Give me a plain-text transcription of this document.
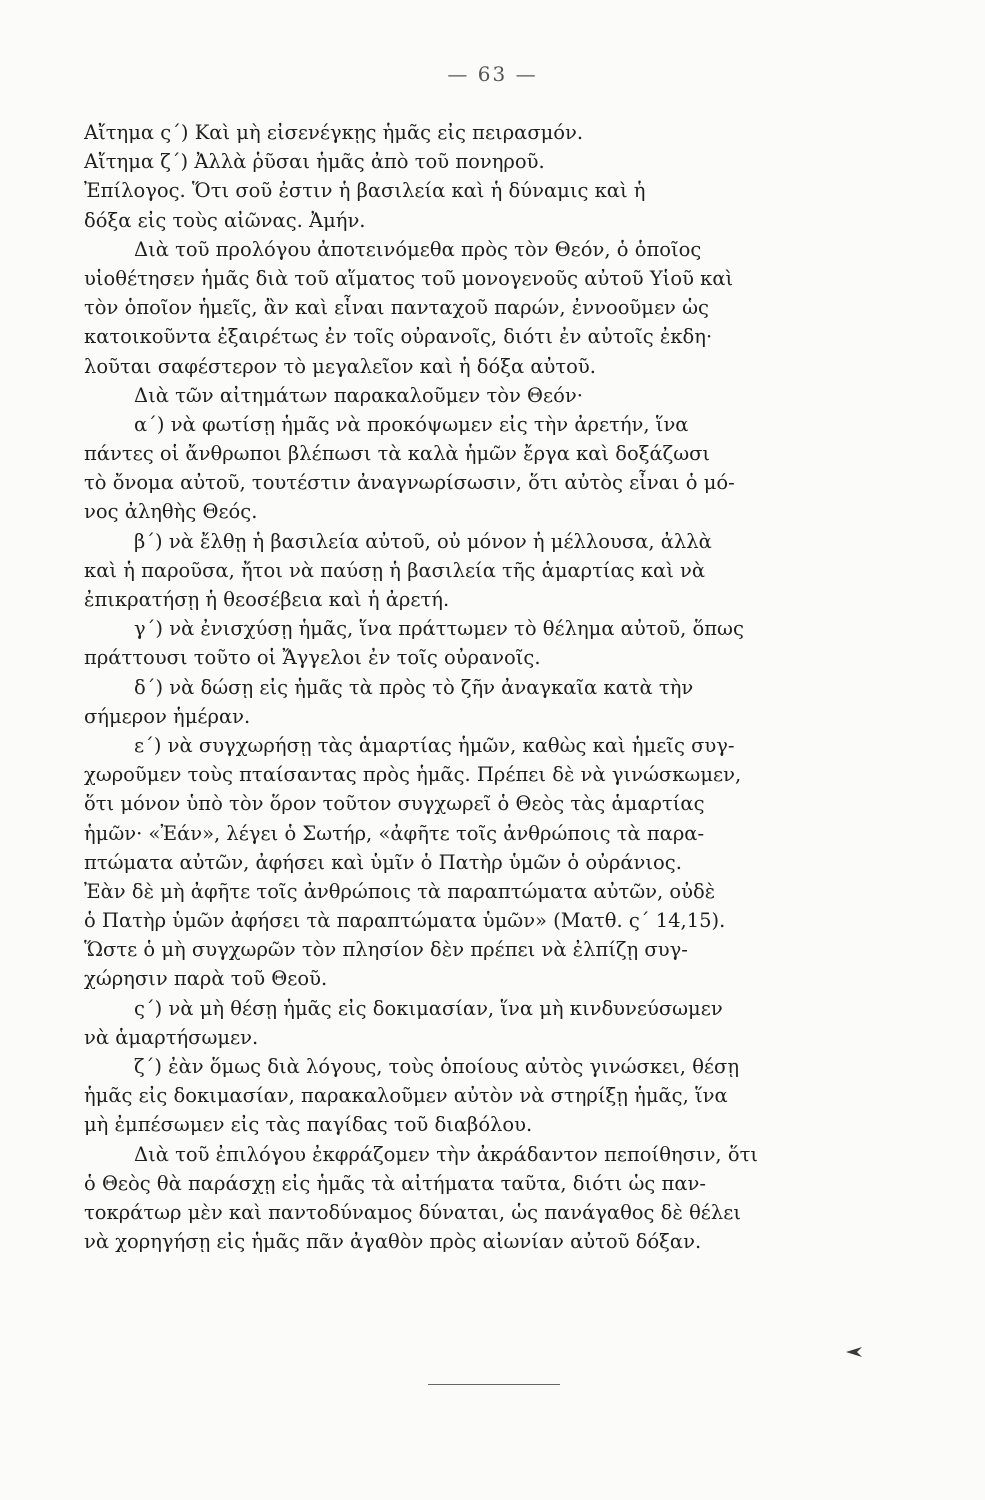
— 63 —
Αἴτημα ς΄) Καὶ μὴ εἰσενέγκῃς ἡμᾶς εἰς πειρασμόν.
Αἴτημα ζ΄) Ἀλλὰ ῥῦσαι ἡμᾶς ἀπὸ τοῦ πονηροῦ.
Ἐπίλογος. Ὅτι σοῦ ἐστιν ἡ βασιλεία καὶ ἡ δύναμις καὶ ἡ
δόξα εἰς τοὺς αἰῶνας. Ἀμήν.
Διὰ τοῦ προλόγου ἀποτεινόμεθα πρὸς τὸν Θεόν, ὁ ὁποῖος
υἱοθέτησεν ἡμᾶς διὰ τοῦ αἵματος τοῦ μονογενοῦς αὐτοῦ Υἱοῦ καὶ
τὸν ὁποῖον ἡμεῖς, ἂν καὶ εἶναι πανταχοῦ παρών, ἐννοοῦμεν ὡς
κατοικοῦντα ἐξαιρέτως ἐν τοῖς οὐρανοῖς, διότι ἐν αὐτοῖς ἐκδη·
λοῦται σαφέστερον τὸ μεγαλεῖον καὶ ἡ δόξα αὐτοῦ.
Διὰ τῶν αἰτημάτων παρακαλοῦμεν τὸν Θεόν·
α΄) νὰ φωτίσῃ ἡμᾶς νὰ προκόψωμεν εἰς τὴν ἀρετήν, ἵνα
πάντες οἱ ἄνθρωποι βλέπωσι τὰ καλὰ ἡμῶν ἔργα καὶ δοξάζωσι
τὸ ὄνομα αὐτοῦ, τουτέστιν ἀναγνωρίσωσιν, ὅτι αὐτὸς εἶναι ὁ μό-
νος ἀληθὴς Θεός.
β΄) νὰ ἔλθῃ ἡ βασιλεία αὐτοῦ, οὐ μόνον ἡ μέλλουσα, ἀλλὰ
καὶ ἡ παροῦσα, ἤτοι νὰ παύσῃ ἡ βασιλεία τῆς ἁμαρτίας καὶ νὰ
ἐπικρατήσῃ ἡ θεοσέβεια καὶ ἡ ἀρετή.
γ΄) νὰ ἐνισχύσῃ ἡμᾶς, ἵνα πράττωμεν τὸ θέλημα αὐτοῦ, ὅπως
πράττουσι τοῦτο οἱ Ἄγγελοι ἐν τοῖς οὐρανοῖς.
δ΄) νὰ δώσῃ εἰς ἡμᾶς τὰ πρὸς τὸ ζῆν ἀναγκαῖα κατὰ τὴν
σήμερον ἡμέραν.
ε΄) νὰ συγχωρήσῃ τὰς ἁμαρτίας ἡμῶν, καθὼς καὶ ἡμεῖς συγ-
χωροῦμεν τοὺς πταίσαντας πρὸς ἡμᾶς. Πρέπει δὲ νὰ γινώσκωμεν,
ὅτι μόνον ὑπὸ τὸν ὅρον τοῦτον συγχωρεῖ ὁ Θεὸς τὰς ἁμαρτίας
ἡμῶν· «Ἐάν», λέγει ὁ Σωτήρ, «ἀφῆτε τοῖς ἀνθρώποις τὰ παρα-
πτώματα αὐτῶν, ἀφήσει καὶ ὑμῖν ὁ Πατὴρ ὑμῶν ὁ οὐράνιος.
Ἐὰν δὲ μὴ ἀφῆτε τοῖς ἀνθρώποις τὰ παραπτώματα αὐτῶν, οὐδὲ
ὁ Πατὴρ ὑμῶν ἀφήσει τὰ παραπτώματα ὑμῶν» (Ματθ. ς΄ 14,15).
Ὥστε ὁ μὴ συγχωρῶν τὸν πλησίον δὲν πρέπει νὰ ἐλπίζῃ συγ-
χώρησιν παρὰ τοῦ Θεοῦ.
ς΄) νὰ μὴ θέσῃ ἡμᾶς εἰς δοκιμασίαν, ἵνα μὴ κινδυνεύσωμεν
νὰ ἁμαρτήσωμεν.
ζ΄) ἐὰν ὅμως διὰ λόγους, τοὺς ὁποίους αὐτὸς γινώσκει, θέσῃ
ἡμᾶς εἰς δοκιμασίαν, παρακαλοῦμεν αὐτὸν νὰ στηρίξῃ ἡμᾶς, ἵνα
μὴ ἐμπέσωμεν εἰς τὰς παγίδας τοῦ διαβόλου.
Διὰ τοῦ ἐπιλόγου ἐκφράζομεν τὴν ἀκράδαντον πεποίθησιν, ὅτι
ὁ Θεὸς θὰ παράσχῃ εἰς ἡμᾶς τὰ αἰτήματα ταῦτα, διότι ὡς παν-
τοκράτωρ μὲν καὶ παντοδύναμος δύναται, ὡς πανάγαθος δὲ θέλει
νὰ χορηγήσῃ εἰς ἡμᾶς πᾶν ἀγαθὸν πρὸς αἰωνίαν αὐτοῦ δόξαν.
